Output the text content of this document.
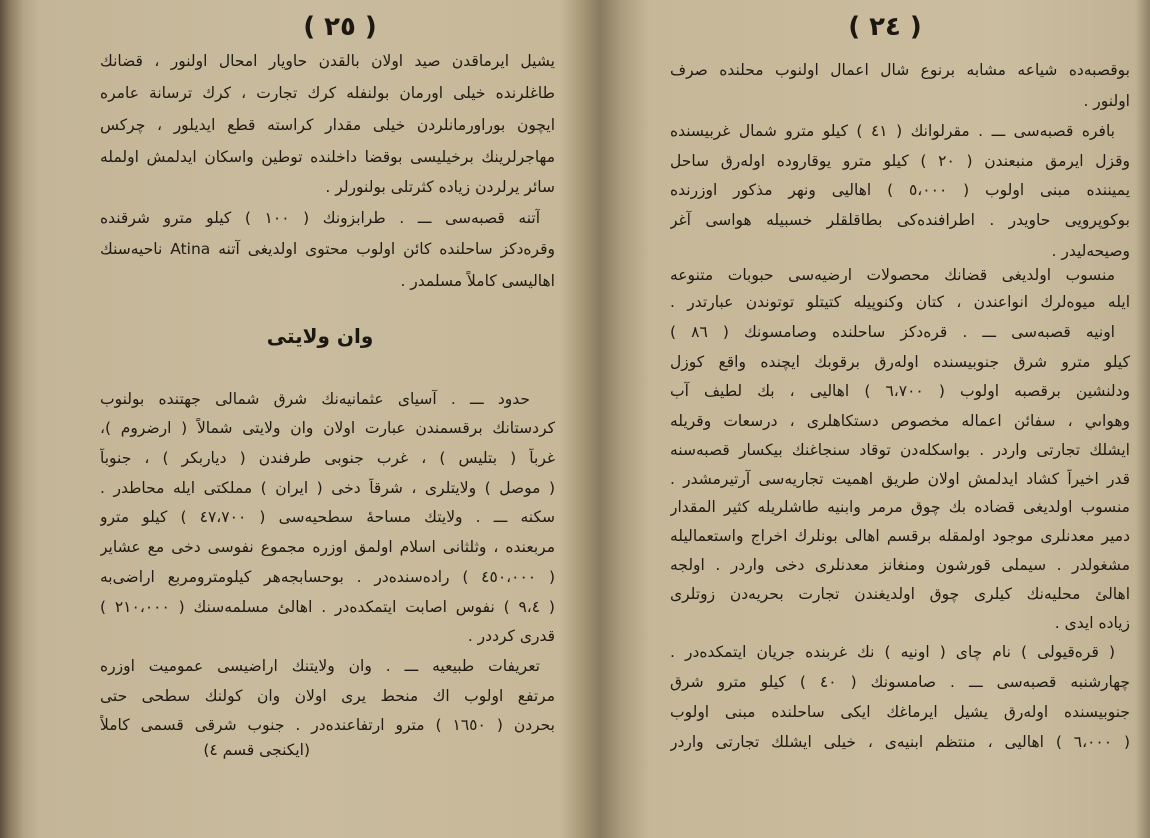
( ٢٥ )
يشيل ايرماقدن صيد اولان بالقدن حاويار امحال اولنور ، قضانك
طاغلرنده خيلى اورمان بولنفله كرك تجارت ، كرك ترسانة عامره
ايچون بوراورمانلردن خيلى مقدار كراسته قطع ايديلور ، چركس
مهاجرلرينك برخيليسى بوقضا داخلنده توطين واسكان ايدلمش اولمله
سائر يرلردن زياده كثرتلى بولنورلر .
آتنه قصبه‌سى ـــ . طرابزونك ( ١٠٠ ) كيلو مترو شرقنده
وقره‌دكز ساحلنده كائن اولوب محتوى اولديغى آتنه Atina ناحيه‌سنك
اهاليسى كاملاً مسلمدر .
وان ولايتى
حدود ـــ . آسياى عثمانيه‌نك شرق شمالى جهتنده بولنوب
كردستانك برقسمندن عبارت اولان وان ولايتى شمالاً ( ارضروم )،
غرباً ( بتليس ) ، غرب جنوبى طرفندن ( دياربكر ) ، جنوباً
( موصل ) ولايتلرى ، شرقاً دخى ( ايران ) مملكتى ايله محاطدر .
سكنه ـــ . ولايتك مساحهٔ سطحيه‌سى ( ٤٧،٧٠٠ ) كيلو مترو
مربعنده ، وثلثانى اسلام اولمق اوزره مجموع نفوسى دخى مع عشاير
( ٤٥٠،٠٠٠ ) راده‌سنده‌در . بوحسابجه‌هر كيلومترومربع اراضى‌به
( ٩،٤ ) نفوس اصابت ايتمكده‌در . اهالئ مسلمه‌سنك ( ٢١٠،٠٠٠ )
قدرى كرددر .
تعريفات طبيعيه ـــ . وان ولايتنك اراضيسى عموميت اوزره
مرتفع اولوب اك منحط يرى اولان وان كولنك سطحى حتى
بحردن ( ١٦٥٠ ) مترو ارتفاعنده‌در . جنوب شرقى قسمى كاملاً
(ايكنجى قسم ٤)
( ٢٤ )
بوقصبه‌ده شياعه مشابه برنوع شال اعمال اولنوب محلنده صرف
اولنور .
بافره قصبه‌سى ـــ . مقرلوانك ( ٤١ ) كيلو مترو شمال غربيسنده
وقزل ايرمق منبعندن ( ٢٠ ) كيلو مترو يوقاروده اولەرق ساحل
يميننده مبنى اولوب ( ٥،٠٠٠ ) اهاليى ونهر مذكور اوزرنده
بوكوپرويى حاويدر . اطرافنده‌كى بطاقلقلر خسبيله هواسى آغر
وصيحه‌ليدر .
منسوب اولديغى قضانك محصولات ارضيه‌سى حبوبات متنوعه
ايله ميوه‌لرك انواعندن ، كتان وكنوپيله كتيتلو توتوندن عبارتدر .
اونيه قصبه‌سى ـــ . قره‌دكز ساحلنده وصامسونك ( ٨٦ )
كيلو مترو شرق جنوبيسنده اولەرق برقوبك ايچنده واقع كوزل
ودلنشين برقصبه اولوب ( ٦،٧٠٠ ) اهاليى ، بك لطيف آب
وهواىي ، سفائن اعماله مخصوص دستكاهلرى ، درسعات وقريله
ايشلك تجارتى واردر . بواسكله‌دن توقاد سنجاغنك بيكسار قصبه‌سنه
قدر اخيراً كشاد ايدلمش اولان طريق اهميت تجاريه‌سى آرتيرمشدر .
منسوب اولديغى قضاده بك چوق مرمر وابنيه طاشلريله كثير المقدار
دمير معدنلرى موجود اولمقله برقسم اهالى بونلرك اخراج واستعماليله
مشغولدر . سيملى قورشون ومنغانز معدنلرى دخى واردر . اولجه
اهالئ محليه‌نك كيلرى چوق اولديغندن تجارت بحريه‌دن زوتلرى
زياده ايدى .
( قره‌قيولى ) نام چاى ( اونيه ) نك غربنده جريان ايتمكده‌در .
چهارشنبه قصبه‌سى ـــ . صامسونك ( ٤٠ ) كيلو مترو شرق
جنوبيسنده اولەرق يشيل ايرماغك ايكى ساحلنده مبنى اولوب
( ٦،٠٠٠ ) اهاليى ، منتظم ابنيه‌ى ، خيلى ايشلك تجارتى واردر
